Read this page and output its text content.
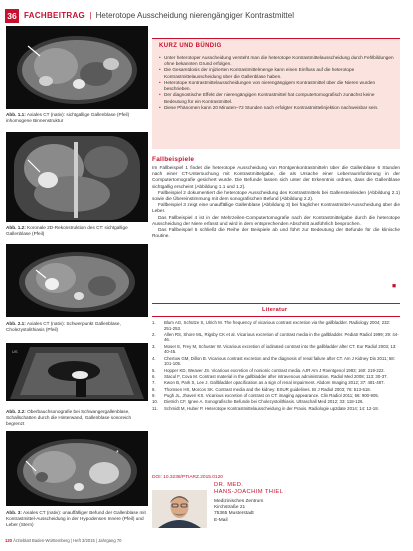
36 FACHBEITRAG | Heterotope Ausscheidung nierengängiger Kontrastmittel
Abb. 1.1: Axiales CT (nativ): sichtgallige Gallenblase (Pfeil) inhomogene Binnenstruktur
Abb. 1.2: Koronale 2D-Rekonstruktion des CT: sichtgallige Gallenblase (Pfeil)
Abb. 2.1: Axiales CT (nativ): Schwerpunkt Gallenblase, Cholezystolithiasis (Pfeil)
US
Abb. 2.2: Oberbauchsonografie bei Schwangergallenblase, Schallschatten durch die Hinterwand, Gallenblase sonoreich begrenzt
*
Abb. 3: Axiales CT (nativ): unauffälliger Befund der Gallenblase mit Kontrastmittel-Ausscheidung in der Hypodensen Innere (Pfeil) und Leber (Stern)
KURZ UND BÜNDIG
• Unter heterotoper Ausscheidung versteht man die heterotope Kontrastmittelausscheidung durch Fehlbildungen ohne bekannten Grund erfolgen.
• Die Gesamtdosis der injizierten Kontrastmittelmenge kann einen Einfluss auf die heterotope Kontrastmittelausscheidung über die Gallenblase haben.
• Heterotope Kontrastmittelausscheidungen von nierengängigem Kontrastmittel über die Nieren wurden beschrieben.
• Der diagnostische Effekt der nierengängigen Kontrastmittel hat computertomografisch zunächst keine Bedeutung für ein Kontrastmittel.
• Diese Phänomen kann 20 Minuten–72 Stunden nach erfolgter Kontrastmittelinjektion nachweisbar sein.
Fallbeispiele

Im Fallbeispiel 1 findet die heterotope Ausscheidung von Röntgenkontrastmitteln über die Gallenblase 6 Stunden nach einer CT-Untersuchung mit Kontrastmittelgabe, die als Ursache einer Leberraumforderung in der Computertomografie gesichert wurde. Die Befunde lassen sich unter der Erkenntnis ordnen, dass die Gallenblase sichtgallig erscheint (Abbildung 1.1 und 1.2).

Fallbeispiel 2 dokumentiert die heterotope Ausscheidung des Kontrastmittels bei Gallensteinleiden (Abbildung 2.1) sowie die Übereinstimmung mit dem sonografischen Befund (Abbildung 2.2).

Fallbeispiel 3 zeigt eine unauffällige Gallenblase (Abbildung 3) bei fraglicher Kontrastmittel-Ausscheidung über die Leber.

Das Fallbeispiel 4 ist in der Mehrzeilen-Computertomografie nach der Kontrastmittelgabe durch die heterotope Ausscheidung der Niere erfasst und wird in dem entsprechenden Abschnitt ausführlich besprochen.

Das Fallbeispiel 5 schließt die Reihe der Beispiele ab und führt zur Bedeutung der Befunde für die klinische Routine.

◼
Literatur
1. Blum AG, Schütze S, Ulrich M. The frequency of vicarious contrast excretion via the gallbladder. Radiology 2004; 232: 251-253.
2. Allen RS, Shore ML, Rigsby CK et al. Vicarious excretion of contrast media in the gallbladder. Pediatr Radiol 1999; 29: 44-46.
3. Moser E, Frey M, Schuster W. Vicarious excretion of iodinated contrast into the gallbladder after CT. Eur Radiol 2003; 13: 40-45.
4. Chertow GM, Dillon B. Vicarious contrast excretion and the diagnosis of renal failure after CT. Am J Kidney Dis 2011; 58: 101-105.
5. Hopper KD, Weaver JS. Vicarious excretion of nonionic contrast media. AJR Am J Roentgenol 1993; 160: 219-222.
6. Stacul F, Cova M. Contrast material in the gallbladder after intravenous administration. Radiol Med 2008; 113: 30-37.
7. Kwon B, Park S, Lee J. Gallbladder opacification as a sign of renal impairment. Abdom Imaging 2012; 37: 481-487.
8. Thomsen HS, Morcos SK. Contrast media and the kidney: ESUR guidelines. Br J Radiol 2003; 76: 513-518.
9. Pugh JL, Jhaveri KS. Vicarious excretion of contrast on CT: imaging appearance. Clin Radiol 2011; 66: 900-905.
10. Dietrich CF, Ignee A. Sonografische Befunde bei Cholezystolithiasis. Ultraschall Med 2012; 33: 118-126.
11. Schmidt M, Huber P. Heterotope Kontrastmittelausscheidung in der Praxis. Radiologie up2date 2014; 14: 12-18.
DOI: 10.3238/PTIARZ.2015.0120
DR. MED.
HANS-JOACHIM THIEL
Medizinisches Zentrum
Kirchstraße 21
75365 Musterstadt
E-Mail
120 Ärzteblatt Baden-Württemberg | Heft 3/2015 | Jahrgang 70
